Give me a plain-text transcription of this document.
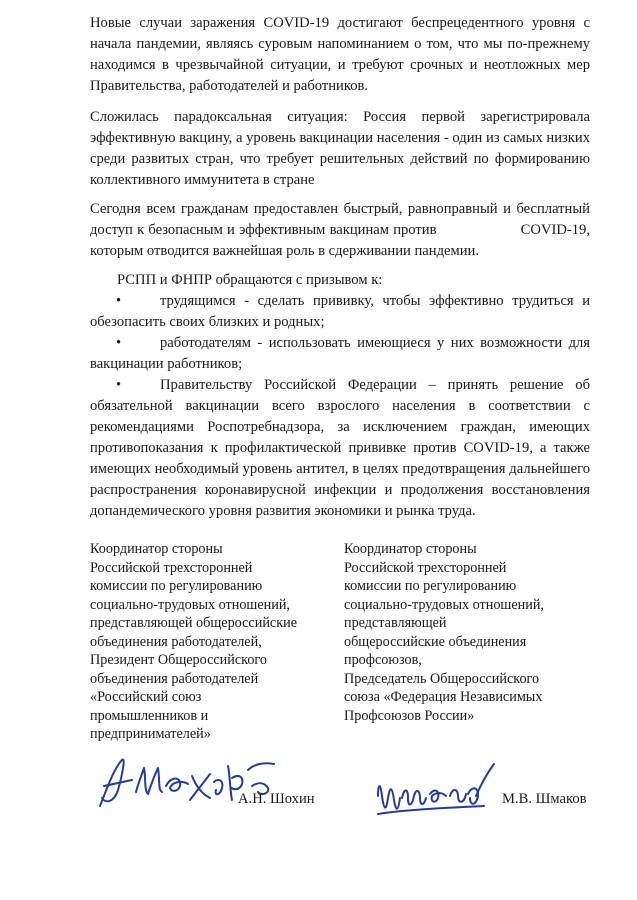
Новые случаи заражения COVID-19 достигают беспрецедентного уровня с начала пандемии, являясь суровым напоминанием о том, что мы по-прежнему находимся в чрезвычайной ситуации, и требуют срочных и неотложных мер Правительства, работодателей и работников.
Сложилась парадоксальная ситуация: Россия первой зарегистрировала эффективную вакцину, а уровень вакцинации населения - один из самых низких среди развитых стран, что требует решительных действий по формированию коллективного иммунитета в стране
Сегодня всем гражданам предоставлен быстрый, равноправный и бесплатный доступ к безопасным и эффективным вакцинам против                    COVID-19, которым отводится важнейшая роль в сдерживании пандемии.
РСПП и ФНПР обращаются с призывом к:
•	трудящимся - сделать прививку, чтобы эффективно трудиться и обезопасить своих близких и родных;
•	работодателям - использовать имеющиеся у них возможности для вакцинации работников;
•	Правительству Российской Федерации – принять решение об обязательной вакцинации всего взрослого населения в соответствии с рекомендациями Роспотребнадзора, за исключением граждан, имеющих противопоказания к профилактической прививке против COVID-19, а также имеющих необходимый уровень антител, в целях предотвращения дальнейшего распространения коронавирусной инфекции и продолжения восстановления допандемического уровня развития экономики и рынка труда.
Координатор стороны
Российской трехсторонней
комиссии по регулированию
социально-трудовых отношений,
представляющей общероссийские
объединения работодателей,
Президент Общероссийского
объединения работодателей
«Российский союз
промышленников и
предпринимателей»
Координатор стороны
Российской трехсторонней
комиссии по регулированию
социально-трудовых отношений,
представляющей
общероссийские объединения
профсоюзов,
Председатель Общероссийского
союза «Федерация Независимых
Профсоюзов России»
А.Н. Шохин	М.В. Шмаков
